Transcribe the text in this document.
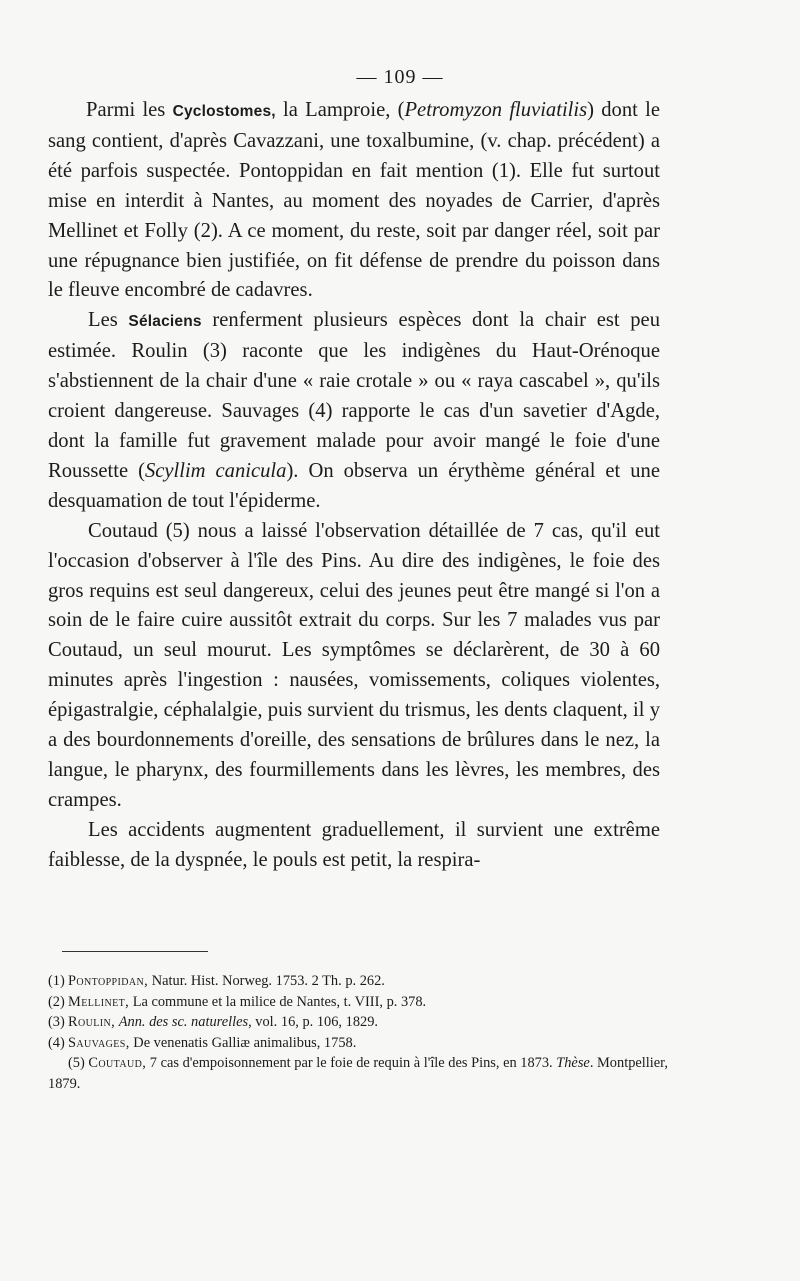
— 109 —

Parmi les Cyclostomes, la Lamproie, (Petromyzon fluviatilis) dont le sang contient, d'après Cavazzani, une toxalbumine, (v. chap. précédent) a été parfois suspectée. Pontoppidan en fait mention (1). Elle fut surtout mise en interdit à Nantes, au moment des noyades de Carrier, d'après Mellinet et Folly (2). A ce moment, du reste, soit par danger réel, soit par une répugnance bien justifiée, on fit défense de prendre du poisson dans le fleuve encombré de cadavres.

Les Sélaciens renferment plusieurs espèces dont la chair est peu estimée. Roulin (3) raconte que les indigènes du Haut-Orénoque s'abstiennent de la chair d'une « raie crotale » ou « raya cascabel », qu'ils croient dangereuse. Sauvages (4) rapporte le cas d'un savetier d'Agde, dont la famille fut gravement malade pour avoir mangé le foie d'une Roussette (Scyllim canicula). On observa un érythème général et une desquamation de tout l'épiderme.

Coutaud (5) nous a laissé l'observation détaillée de 7 cas, qu'il eut l'occasion d'observer à l'île des Pins. Au dire des indigènes, le foie des gros requins est seul dangereux, celui des jeunes peut être mangé si l'on a soin de le faire cuire aussitôt extrait du corps. Sur les 7 malades vus par Coutaud, un seul mourut. Les symptômes se déclarèrent, de 30 à 60 minutes après l'ingestion : nausées, vomissements, coliques violentes, épigastralgie, céphalalgie, puis survient du trismus, les dents claquent, il y a des bourdonnements d'oreille, des sensations de brûlures dans le nez, la langue, le pharynx, des fourmillements dans les lèvres, les membres, des crampes.

Les accidents augmentent graduellement, il survient une extrême faiblesse, de la dyspnée, le pouls est petit, la respira-

(1) Pontoppidan, Natur. Hist. Norweg. 1753. 2 Th. p. 262.

(2) Mellinet, La commune et la milice de Nantes, t. VIII, p. 378.

(3) Roulin, Ann. des sc. naturelles, vol. 16, p. 106, 1829.

(4) Sauvages, De venenatis Galliæ animalibus, 1758.

(5) Coutaud, 7 cas d'empoisonnement par le foie de requin à l'île des Pins, en 1873. Thèse. Montpellier, 1879.
